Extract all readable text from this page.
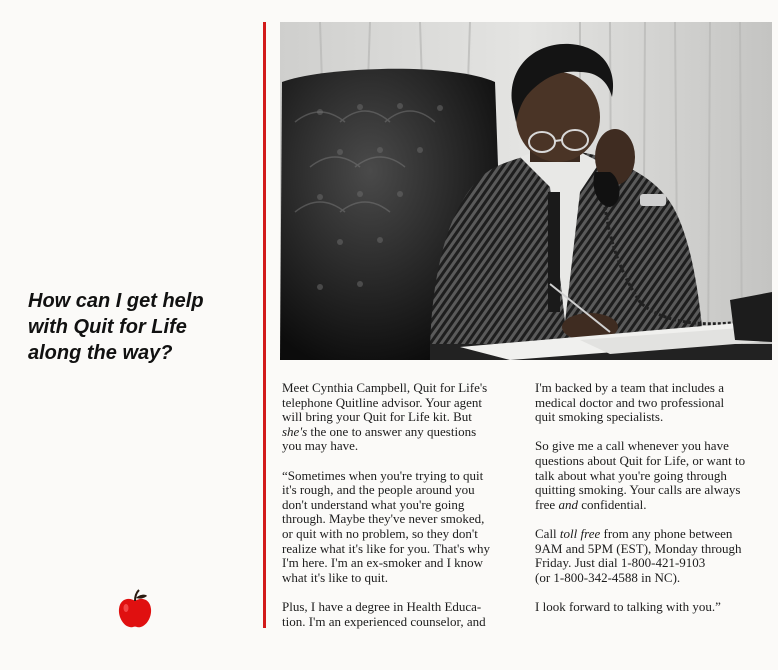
How can I get help
with Quit for Life
along the way?

Meet Cynthia Campbell, Quit for Life's
telephone Quitline advisor. Your agent
will bring your Quit for Life kit. But
she's the one to answer any questions
you may have.

“Sometimes when you're trying to quit
it's rough, and the people around you
don't understand what you're going
through. Maybe they've never smoked,
or quit with no problem, so they don't
realize what it's like for you. That's why
I'm here. I'm an ex-smoker and I know
what it's like to quit.

Plus, I have a degree in Health Educa-
tion. I'm an experienced counselor, and

I'm backed by a team that includes a
medical doctor and two professional
quit smoking specialists.

So give me a call whenever you have
questions about Quit for Life, or want to
talk about what you're going through
quitting smoking. Your calls are always
free and confidential.

Call toll free from any phone between
9AM and 5PM (EST), Monday through
Friday. Just dial 1-800-421-9103
(or 1-800-342-4588 in NC).

I look forward to talking with you.”
